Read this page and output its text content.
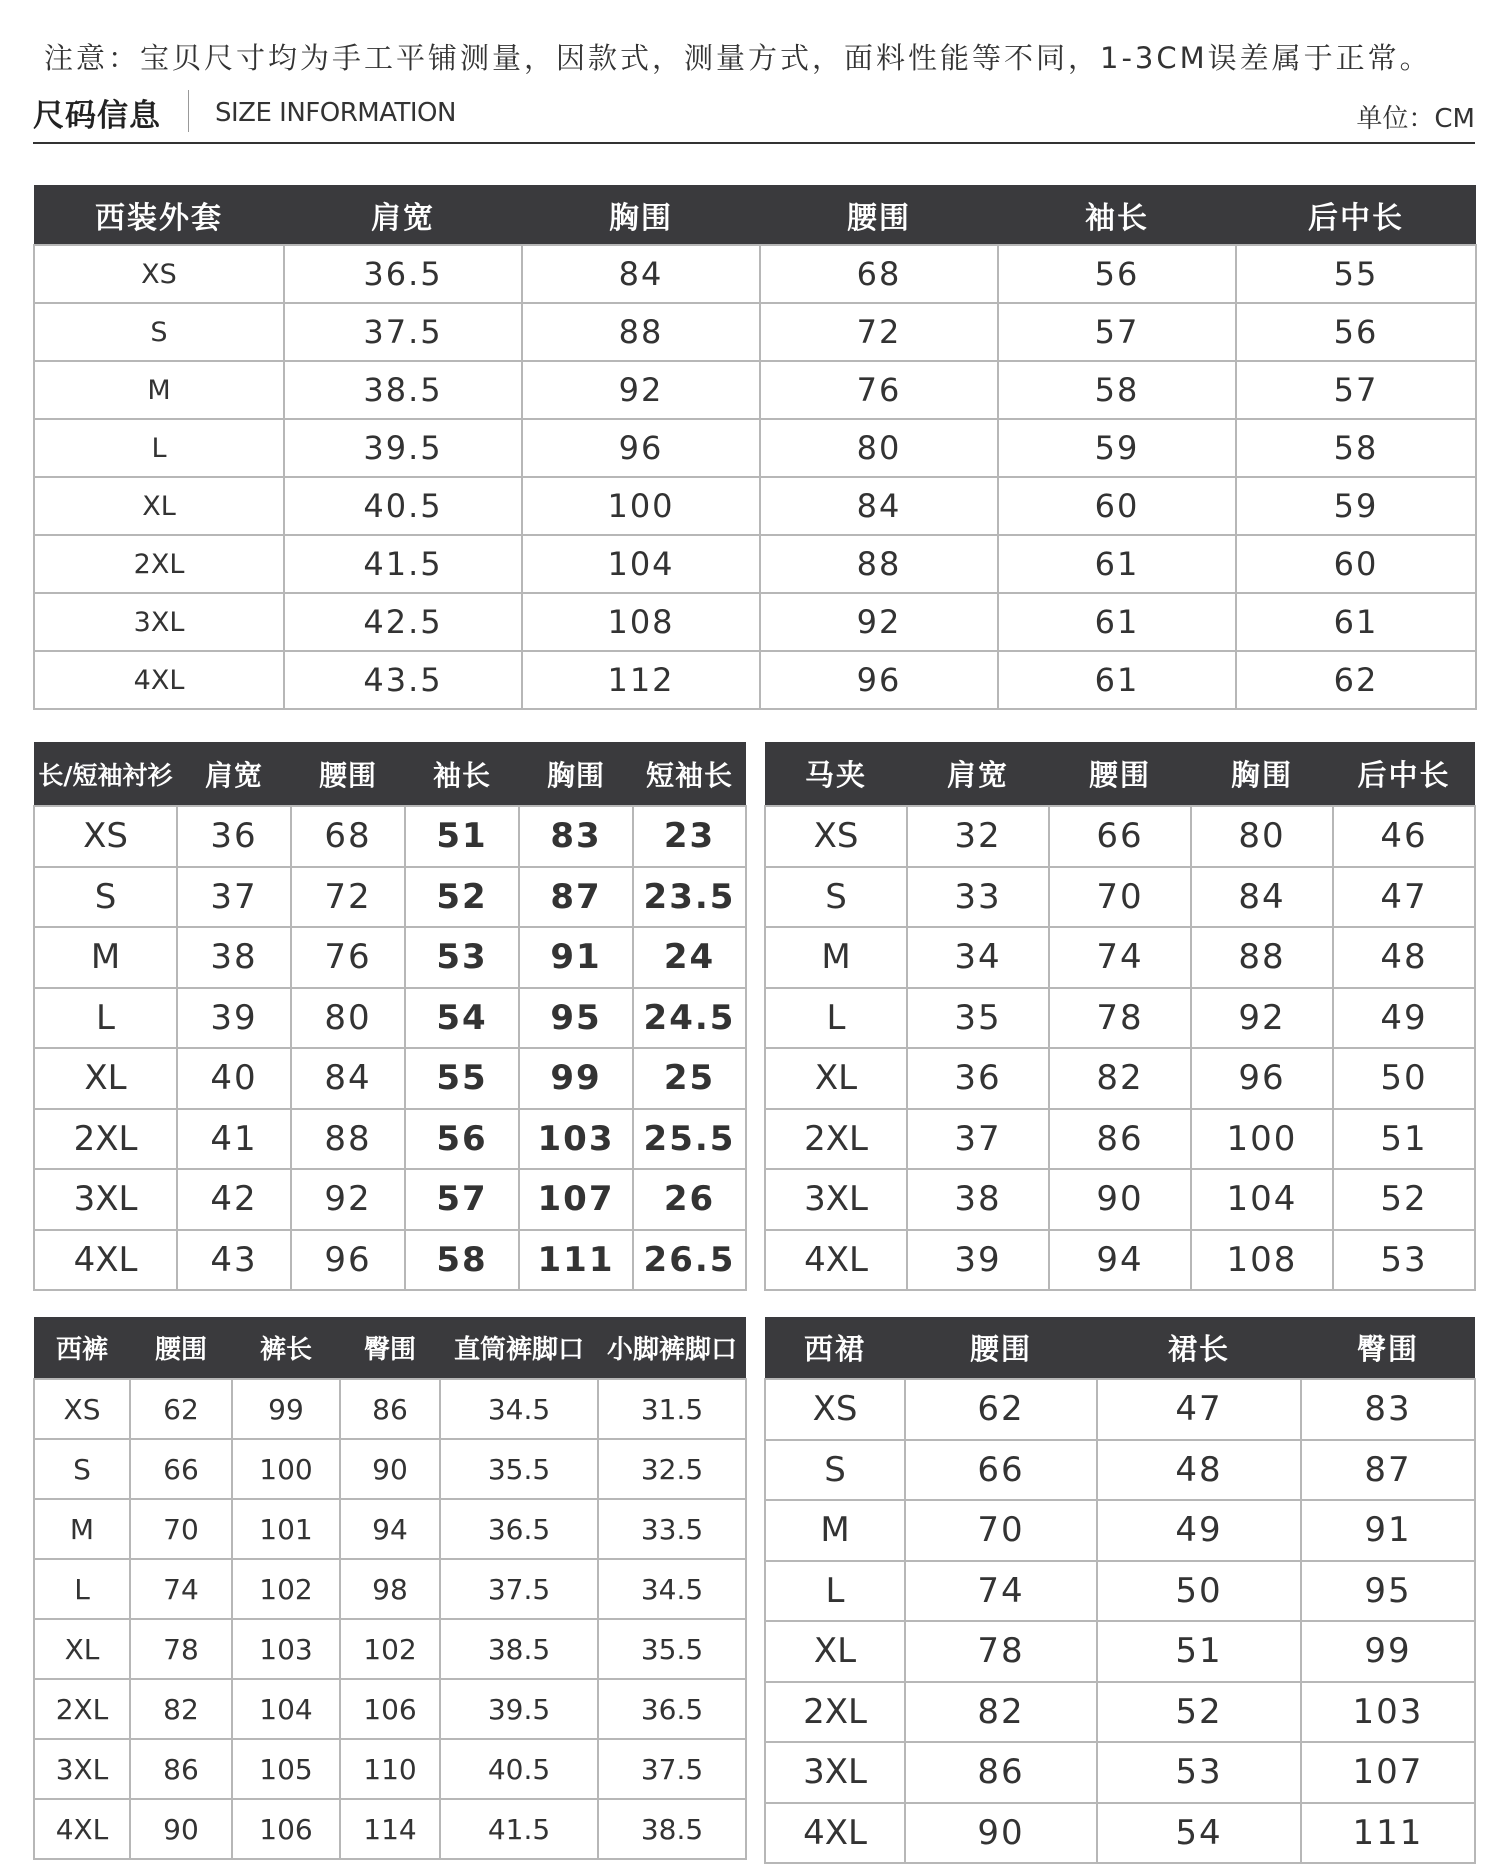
注意：宝贝尺寸均为手工平铺测量，因款式，测量方式，面料性能等不同，1-3CM误差属于正常。
尺码信息 SIZE INFORMATION	单位：CM
西装外套	肩宽	胸围	腰围	袖长	后中长
XS	36.5	84	68	56	55
S	37.5	88	72	57	56
M	38.5	92	76	58	57
L	39.5	96	80	59	58
XL	40.5	100	84	60	59
2XL	41.5	104	88	61	60
3XL	42.5	108	92	61	61
4XL	43.5	112	96	61	62
长/短袖衬衫	肩宽	腰围	袖长	胸围	短袖长
XS	36	68	51	83	23
S	37	72	52	87	23.5
M	38	76	53	91	24
L	39	80	54	95	24.5
XL	40	84	55	99	25
2XL	41	88	56	103	25.5
3XL	42	92	57	107	26
4XL	43	96	58	111	26.5
马夹	肩宽	腰围	胸围	后中长
XS	32	66	80	46
S	33	70	84	47
M	34	74	88	48
L	35	78	92	49
XL	36	82	96	50
2XL	37	86	100	51
3XL	38	90	104	52
4XL	39	94	108	53
西裤	腰围	裤长	臀围	直筒裤脚口	小脚裤脚口
XS	62	99	86	34.5	31.5
S	66	100	90	35.5	32.5
M	70	101	94	36.5	33.5
L	74	102	98	37.5	34.5
XL	78	103	102	38.5	35.5
2XL	82	104	106	39.5	36.5
3XL	86	105	110	40.5	37.5
4XL	90	106	114	41.5	38.5
西裙	腰围	裙长	臀围
XS	62	47	83
S	66	48	87
M	70	49	91
L	74	50	95
XL	78	51	99
2XL	82	52	103
3XL	86	53	107
4XL	90	54	111
